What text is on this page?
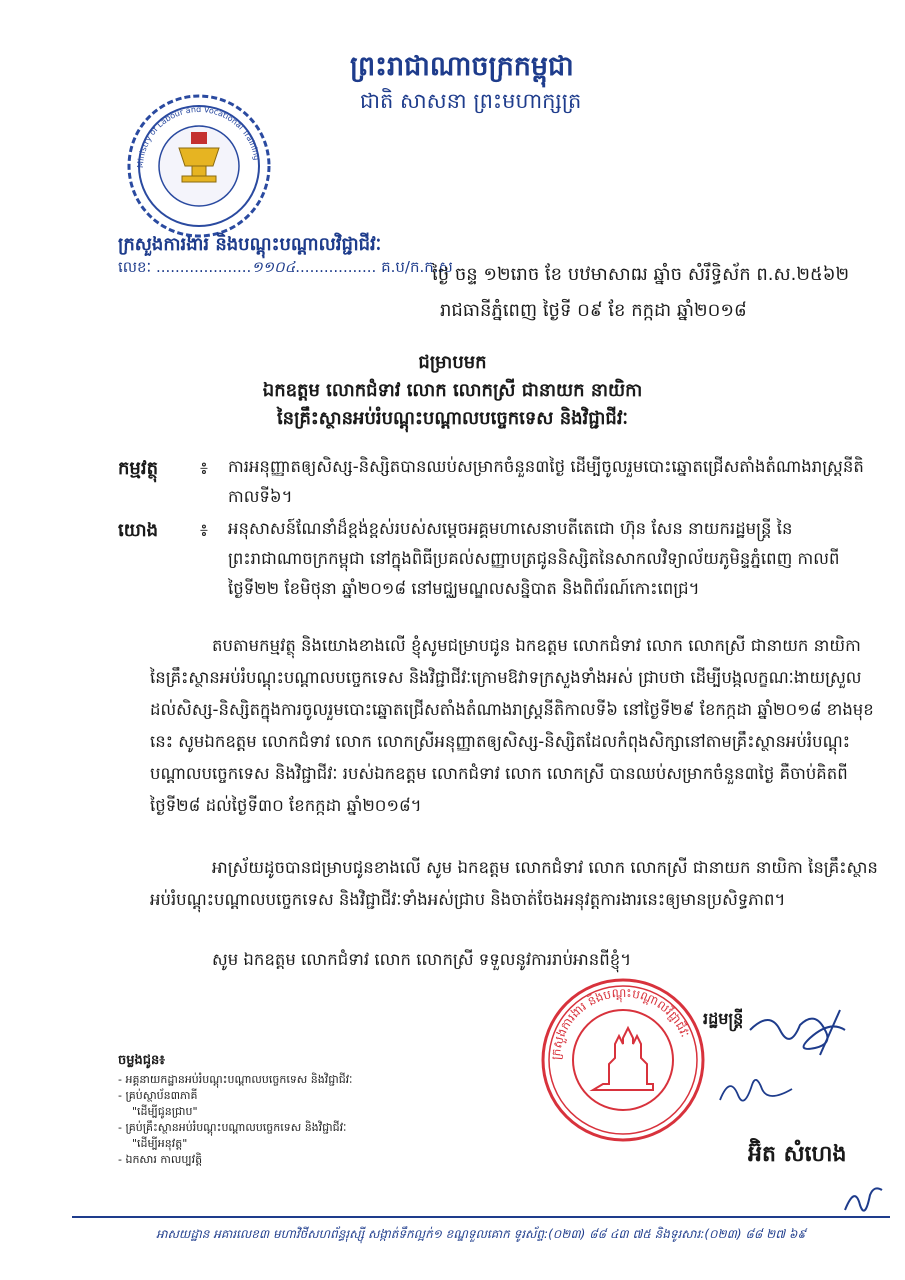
ព្រះរាជាណាចក្រកម្ពុជា
ជាតិ សាសនា ព្រះមហាក្សត្រ
Ministry of Labour and Vocational Training
ក្រសួងការងារ និងបណ្តុះបណ្តាលវិជ្ជាជីវៈ
លេខៈ ....................១១០៤................. គ.ប/ក.ក.ស
ថ្ងៃ ចន្ទ ១២រោច ខែ បឋមាសាឍ ឆ្នាំច សំរឹទ្ធិស័ក ព.ស.២៥៦២
រាជធានីភ្នំពេញ ថ្ងៃទី ០៩ ខែ កក្កដា ឆ្នាំ២០១៨
ជម្រាបមក
ឯកឧត្តម លោកជំទាវ លោក លោកស្រី ជានាយក នាយិកា
នៃគ្រឹះស្ថានអប់រំបណ្តុះបណ្តាលបច្ចេកទេស និងវិជ្ជាជីវៈ
កម្មវត្ថុ ៖ ការអនុញ្ញាតឲ្យសិស្ស-និស្សិតបានឈប់សម្រាកចំនួន៣ថ្ងៃ ដើម្បីចូលរួមបោះឆ្នោតជ្រើសតាំងតំណាងរាស្ត្រនីតិកាលទី៦។
យោង ៖ អនុសាសន៍ណែនាំដ៏ខ្ពង់ខ្ពស់របស់សម្តេចអគ្គមហាសេនាបតីតេជោ ហ៊ុន សែន នាយករដ្ឋមន្ត្រី នៃព្រះរាជាណាចក្រកម្ពុជា នៅក្នុងពិធីប្រគល់សញ្ញាបត្រជូននិស្សិតនៃសាកលវិទ្យាល័យភូមិន្ទភ្នំពេញ កាលពីថ្ងៃទី២២ ខែមិថុនា ឆ្នាំ២០១៨ នៅមជ្ឈមណ្ឌលសន្និបាត និងពិព័រណ៍កោះពេជ្រ។

តបតាមកម្មវត្ថុ និងយោងខាងលើ ខ្ញុំសូមជម្រាបជូន ឯកឧត្តម លោកជំទាវ លោក លោកស្រី ជានាយក នាយិកា នៃគ្រឹះស្ថានអប់រំបណ្តុះបណ្តាលបច្ចេកទេស និងវិជ្ជាជីវៈក្រោមឱវាទក្រសួងទាំងអស់ ជ្រាបថា ដើម្បីបង្កលក្ខណៈងាយស្រួលដល់សិស្ស-និស្សិតក្នុងការចូលរួមបោះឆ្នោតជ្រើសតាំងតំណាងរាស្ត្រនីតិកាលទី៦ នៅថ្ងៃទី២៩ ខែកក្កដា ឆ្នាំ២០១៨ ខាងមុខនេះ សូមឯកឧត្តម លោកជំទាវ លោក លោកស្រីអនុញ្ញាតឲ្យសិស្ស-និស្សិតដែលកំពុងសិក្សានៅតាមគ្រឹះស្ថានអប់រំបណ្តុះបណ្តាលបច្ចេកទេស និងវិជ្ជាជីវៈ របស់ឯកឧត្តម លោកជំទាវ លោក លោកស្រី បានឈប់សម្រាកចំនួន៣ថ្ងៃ គឺចាប់គិតពីថ្ងៃទី២៨ ដល់ថ្ងៃទី៣០ ខែកក្កដា ឆ្នាំ២០១៨។

អាស្រ័យដូចបានជម្រាបជូនខាងលើ សូម ឯកឧត្តម លោកជំទាវ លោក លោកស្រី ជានាយក នាយិកា នៃគ្រឹះស្ថានអប់រំបណ្តុះបណ្តាលបច្ចេកទេស និងវិជ្ជាជីវៈទាំងអស់ជ្រាប និងចាត់ចែងអនុវត្តការងារនេះឲ្យមានប្រសិទ្ធភាព។

សូម ឯកឧត្តម លោកជំទាវ លោក លោកស្រី ទទួលនូវការរាប់អានពីខ្ញុំ។
ក្រសួងការងារ និងបណ្តុះបណ្តាលវិជ្ជាជីវៈ
រដ្ឋមន្ត្រី
អ៊ិត សំហេង
ចម្លងជូន៖
- អគ្គនាយកដ្ឋានអប់រំបណ្តុះបណ្តាលបច្ចេកទេស និងវិជ្ជាជីវៈ
- គ្រប់ស្ថាប័ន៣ភាគី
"ដើម្បីជូនជ្រាប"
- គ្រប់គ្រឹះស្ថានអប់រំបណ្តុះបណ្តាលបច្ចេកទេស និងវិជ្ជាជីវៈ
"ដើម្បីអនុវត្ត"
- ឯកសារ កាលប្បវត្តិ
អាសយដ្ឋាន អគារលេខ៣ មហាវិថីសហព័ន្ធរុស្ស៊ី សង្កាត់ទឹកល្អក់១ ខណ្ឌទួលគោក ទូរស័ព្ទ:(០២៣) ៨៨ ៤៣ ៧៥ និងទូរសារ:(០២៣) ៨៨ ២៧ ៦៩
